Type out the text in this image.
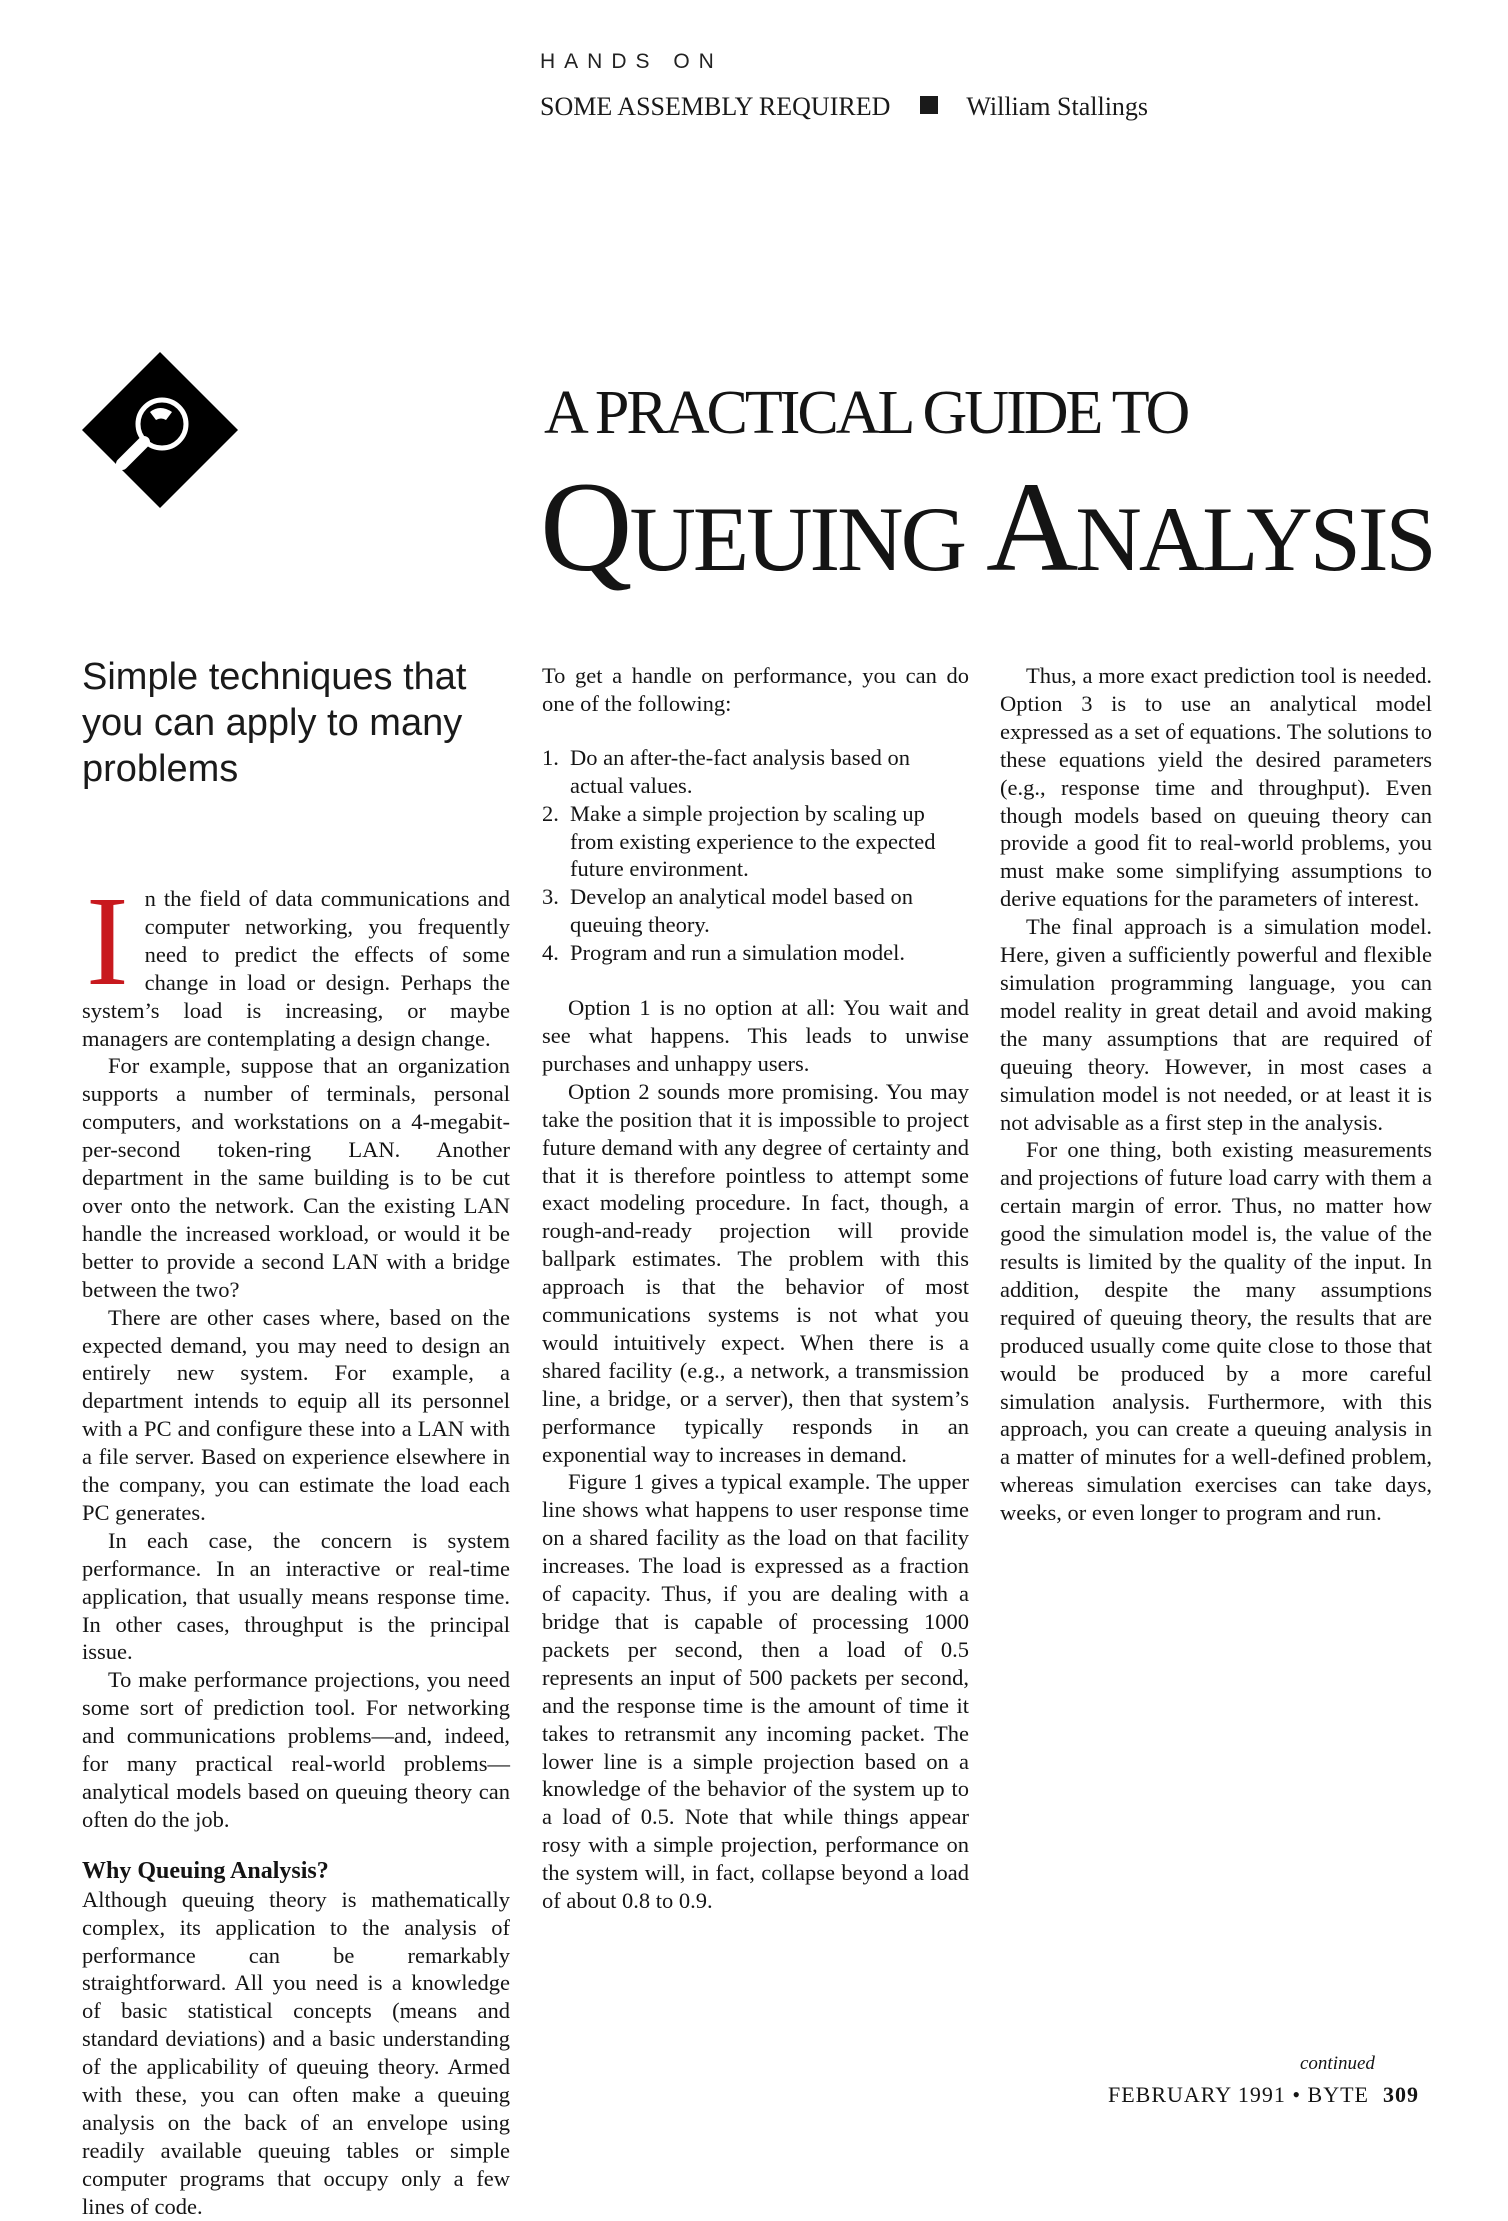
HANDS ON
SOME ASSEMBLY REQUIRED	William Stallings
A PRACTICAL GUIDE TO
QUEUING ANALYSIS
Simple techniques that you can apply to many problems

In the field of data communications and computer networking, you frequently need to predict the effects of some change in load or design. Perhaps the system’s load is increasing, or maybe managers are contemplating a design change.

For example, suppose that an organization supports a number of terminals, personal computers, and workstations on a 4-megabit-per-second token-ring LAN. Another department in the same building is to be cut over onto the network. Can the existing LAN handle the increased workload, or would it be better to provide a second LAN with a bridge between the two?

There are other cases where, based on the expected demand, you may need to design an entirely new system. For example, a department intends to equip all its personnel with a PC and configure these into a LAN with a file server. Based on experience elsewhere in the company, you can estimate the load each PC generates.

In each case, the concern is system performance. In an interactive or real-time application, that usually means response time. In other cases, throughput is the principal issue.

To make performance projections, you need some sort of prediction tool. For networking and communications problems—and, indeed, for many practical real-world problems—analytical models based on queuing theory can often do the job.

Why Queuing Analysis?

Although queuing theory is mathematically complex, its application to the analysis of performance can be remarkably straightforward. All you need is a knowledge of basic statistical concepts (means and standard deviations) and a basic understanding of the applicability of queuing theory. Armed with these, you can often make a queuing analysis on the back of an envelope using readily available queuing tables or simple computer programs that occupy only a few lines of code.

To get a handle on performance, you can do one of the following:

1. Do an after-the-fact analysis based on actual values.
2. Make a simple projection by scaling up from existing experience to the expected future environment.
3. Develop an analytical model based on queuing theory.
4. Program and run a simulation model.

Option 1 is no option at all: You wait and see what happens. This leads to unwise purchases and unhappy users.

Option 2 sounds more promising. You may take the position that it is impossible to project future demand with any degree of certainty and that it is therefore pointless to attempt some exact modeling procedure. In fact, though, a rough-and-ready projection will provide ballpark estimates. The problem with this approach is that the behavior of most communications systems is not what you would intuitively expect. When there is a shared facility (e.g., a network, a transmission line, a bridge, or a server), then that system’s performance typically responds in an exponential way to increases in demand.

Figure 1 gives a typical example. The upper line shows what happens to user response time on a shared facility as the load on that facility increases. The load is expressed as a fraction of capacity. Thus, if you are dealing with a bridge that is capable of processing 1000 packets per second, then a load of 0.5 represents an input of 500 packets per second, and the response time is the amount of time it takes to retransmit any incoming packet. The lower line is a simple projection based on a knowledge of the behavior of the system up to a load of 0.5. Note that while things appear rosy with a simple projection, performance on the system will, in fact, collapse beyond a load of about 0.8 to 0.9.

Thus, a more exact prediction tool is needed. Option 3 is to use an analytical model expressed as a set of equations. The solutions to these equations yield the desired parameters (e.g., response time and throughput). Even though models based on queuing theory can provide a good fit to real-world problems, you must make some simplifying assumptions to derive equations for the parameters of interest.

The final approach is a simulation model. Here, given a sufficiently powerful and flexible simulation programming language, you can model reality in great detail and avoid making the many assumptions that are required of queuing theory. However, in most cases a simulation model is not needed, or at least it is not advisable as a first step in the analysis.

For one thing, both existing measurements and projections of future load carry with them a certain margin of error. Thus, no matter how good the simulation model is, the value of the results is limited by the quality of the input. In addition, despite the many assumptions required of queuing theory, the results that are produced usually come quite close to those that would be produced by a more careful simulation analysis. Furthermore, with this approach, you can create a queuing analysis in a matter of minutes for a well-defined problem, whereas simulation exercises can take days, weeks, or even longer to program and run.

continued
FEBRUARY 1991 • BYTE 309
